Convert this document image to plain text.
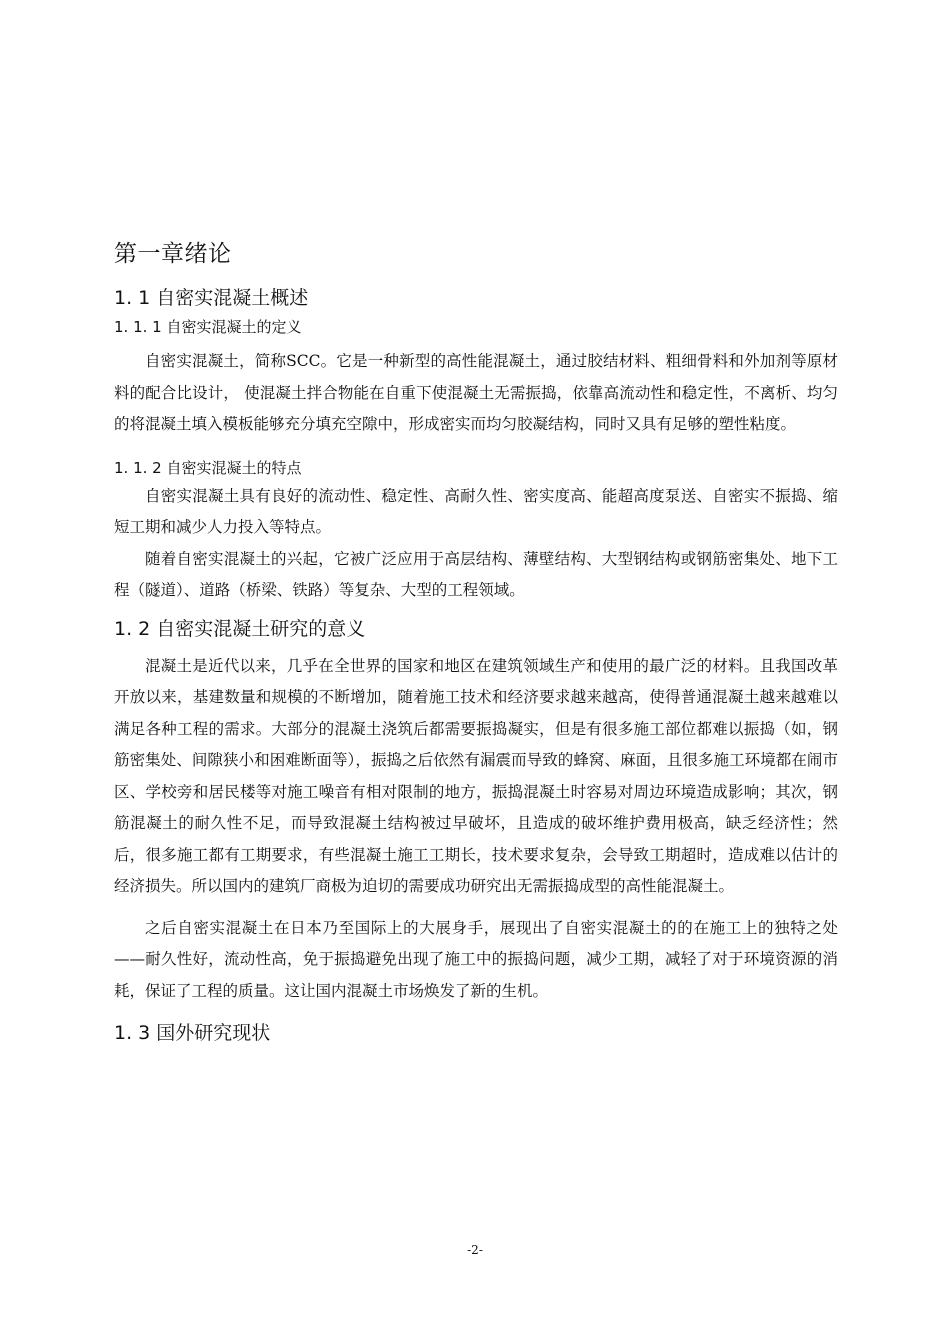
第一章绪论
1. 1 自密实混凝土概述
1. 1. 1 自密实混凝土的定义

自密实混凝土，简称SCC。它是一种新型的高性能混凝土，通过胶结材料、粗细骨料和外加剂等原材料的配合比设计， 使混凝土拌合物能在自重下使混凝土无需振捣，依靠高流动性和稳定性，不离析、均匀的将混凝土填入模板能够充分填充空隙中，形成密实而均匀胶凝结构，同时又具有足够的塑性粘度。

1. 1. 2 自密实混凝土的特点

自密实混凝土具有良好的流动性、稳定性、高耐久性、密实度高、能超高度泵送、自密实不振捣、缩短工期和减少人力投入等特点。

随着自密实混凝土的兴起，它被广泛应用于高层结构、薄壁结构、大型钢结构或钢筋密集处、地下工程（隧道）、道路（桥梁、铁路）等复杂、大型的工程领域。

1. 2 自密实混凝土研究的意义

混凝土是近代以来，几乎在全世界的国家和地区在建筑领域生产和使用的最广泛的材料。且我国改革开放以来，基建数量和规模的不断增加，随着施工技术和经济要求越来越高，使得普通混凝土越来越难以满足各种工程的需求。大部分的混凝土浇筑后都需要振捣凝实，但是有很多施工部位都难以振捣（如，钢筋密集处、间隙狭小和困难断面等），振捣之后依然有漏震而导致的蜂窝、麻面，且很多施工环境都在闹市区、学校旁和居民楼等对施工噪音有相对限制的地方，振捣混凝土时容易对周边环境造成影响；其次，钢筋混凝土的耐久性不足，而导致混凝土结构被过早破坏，且造成的破坏维护费用极高，缺乏经济性；然后，很多施工都有工期要求，有些混凝土施工工期长，技术要求复杂，会导致工期超时，造成难以估计的经济损失。所以国内的建筑厂商极为迫切的需要成功研究出无需振捣成型的高性能混凝土。

之后自密实混凝土在日本乃至国际上的大展身手，展现出了自密实混凝土的的在施工上的独特之处——耐久性好，流动性高，免于振捣避免出现了施工中的振捣问题，减少工期，减轻了对于环境资源的消耗，保证了工程的质量。这让国内混凝土市场焕发了新的生机。

1. 3 国外研究现状
-2-
